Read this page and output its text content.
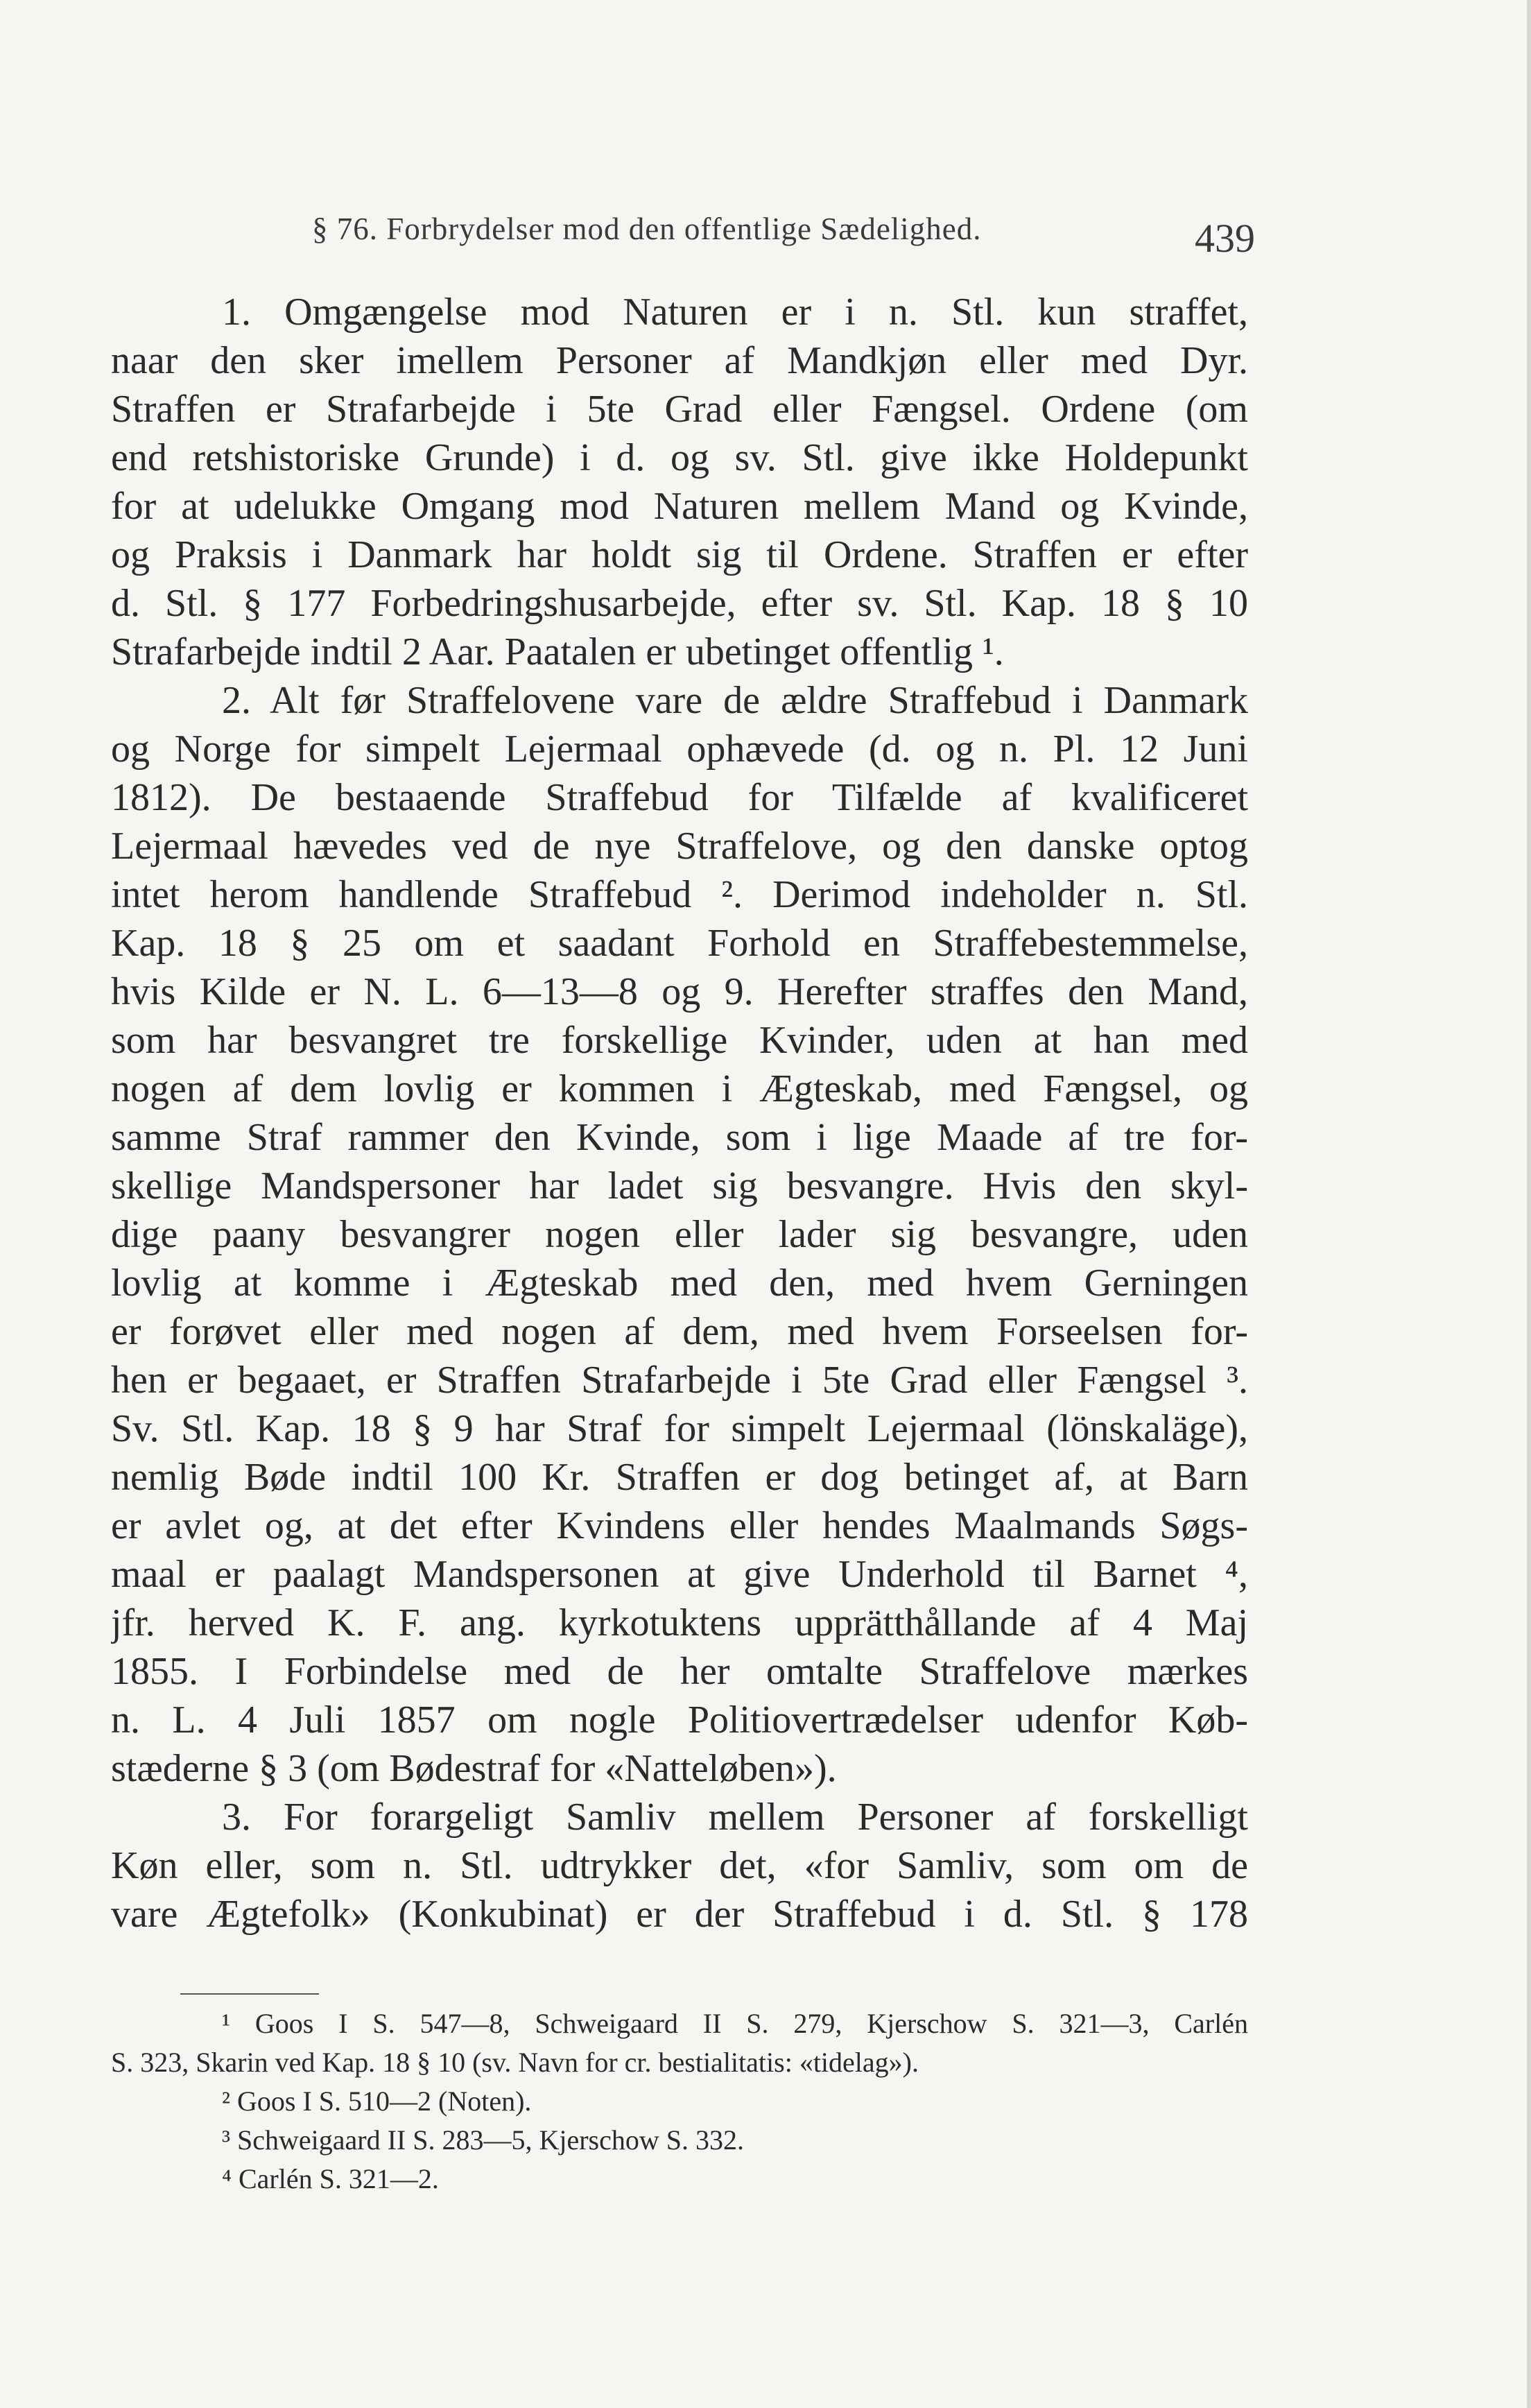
§ 76. Forbrydelser mod den offentlige Sædelighed.	439
1. Omgængelse mod Naturen er i n. Stl. kun straffet,
naar den sker imellem Personer af Mandkjøn eller med Dyr.
Straffen er Strafarbejde i 5te Grad eller Fængsel. Ordene (om
end retshistoriske Grunde) i d. og sv. Stl. give ikke Holdepunkt
for at udelukke Omgang mod Naturen mellem Mand og Kvinde,
og Praksis i Danmark har holdt sig til Ordene. Straffen er efter
d. Stl. § 177 Forbedringshusarbejde, efter sv. Stl. Kap. 18 § 10
Strafarbejde indtil 2 Aar. Paatalen er ubetinget offentlig ¹.
2. Alt før Straffelovene vare de ældre Straffebud i Danmark
og Norge for simpelt Lejermaal ophævede (d. og n. Pl. 12 Juni
1812). De bestaaende Straffebud for Tilfælde af kvalificeret
Lejermaal hævedes ved de nye Straffelove, og den danske optog
intet herom handlende Straffebud ². Derimod indeholder n. Stl.
Kap. 18 § 25 om et saadant Forhold en Straffebestemmelse,
hvis Kilde er N. L. 6—13—8 og 9. Herefter straffes den Mand,
som har besvangret tre forskellige Kvinder, uden at han med
nogen af dem lovlig er kommen i Ægteskab, med Fængsel, og
samme Straf rammer den Kvinde, som i lige Maade af tre for-
skellige Mandspersoner har ladet sig besvangre. Hvis den skyl-
dige paany besvangrer nogen eller lader sig besvangre, uden
lovlig at komme i Ægteskab med den, med hvem Gerningen
er forøvet eller med nogen af dem, med hvem Forseelsen for-
hen er begaaet, er Straffen Strafarbejde i 5te Grad eller Fængsel ³.
Sv. Stl. Kap. 18 § 9 har Straf for simpelt Lejermaal (lönskaläge),
nemlig Bøde indtil 100 Kr. Straffen er dog betinget af, at Barn
er avlet og, at det efter Kvindens eller hendes Maalmands Søgs-
maal er paalagt Mandspersonen at give Underhold til Barnet ⁴,
jfr. herved K. F. ang. kyrkotuktens upprätthållande af 4 Maj
1855. I Forbindelse med de her omtalte Straffelove mærkes
n. L. 4 Juli 1857 om nogle Politiovertrædelser udenfor Køb-
stæderne § 3 (om Bødestraf for «Natteløben»).
3. For forargeligt Samliv mellem Personer af forskelligt
Køn eller, som n. Stl. udtrykker det, «for Samliv, som om de
vare Ægtefolk» (Konkubinat) er der Straffebud i d. Stl. § 178
¹ Goos I S. 547—8, Schweigaard II S. 279, Kjerschow S. 321—3, Carlén
S. 323, Skarin ved Kap. 18 § 10 (sv. Navn for cr. bestialitatis: «tidelag»).
² Goos I S. 510—2 (Noten).
³ Schweigaard II S. 283—5, Kjerschow S. 332.
⁴ Carlén S. 321—2.
